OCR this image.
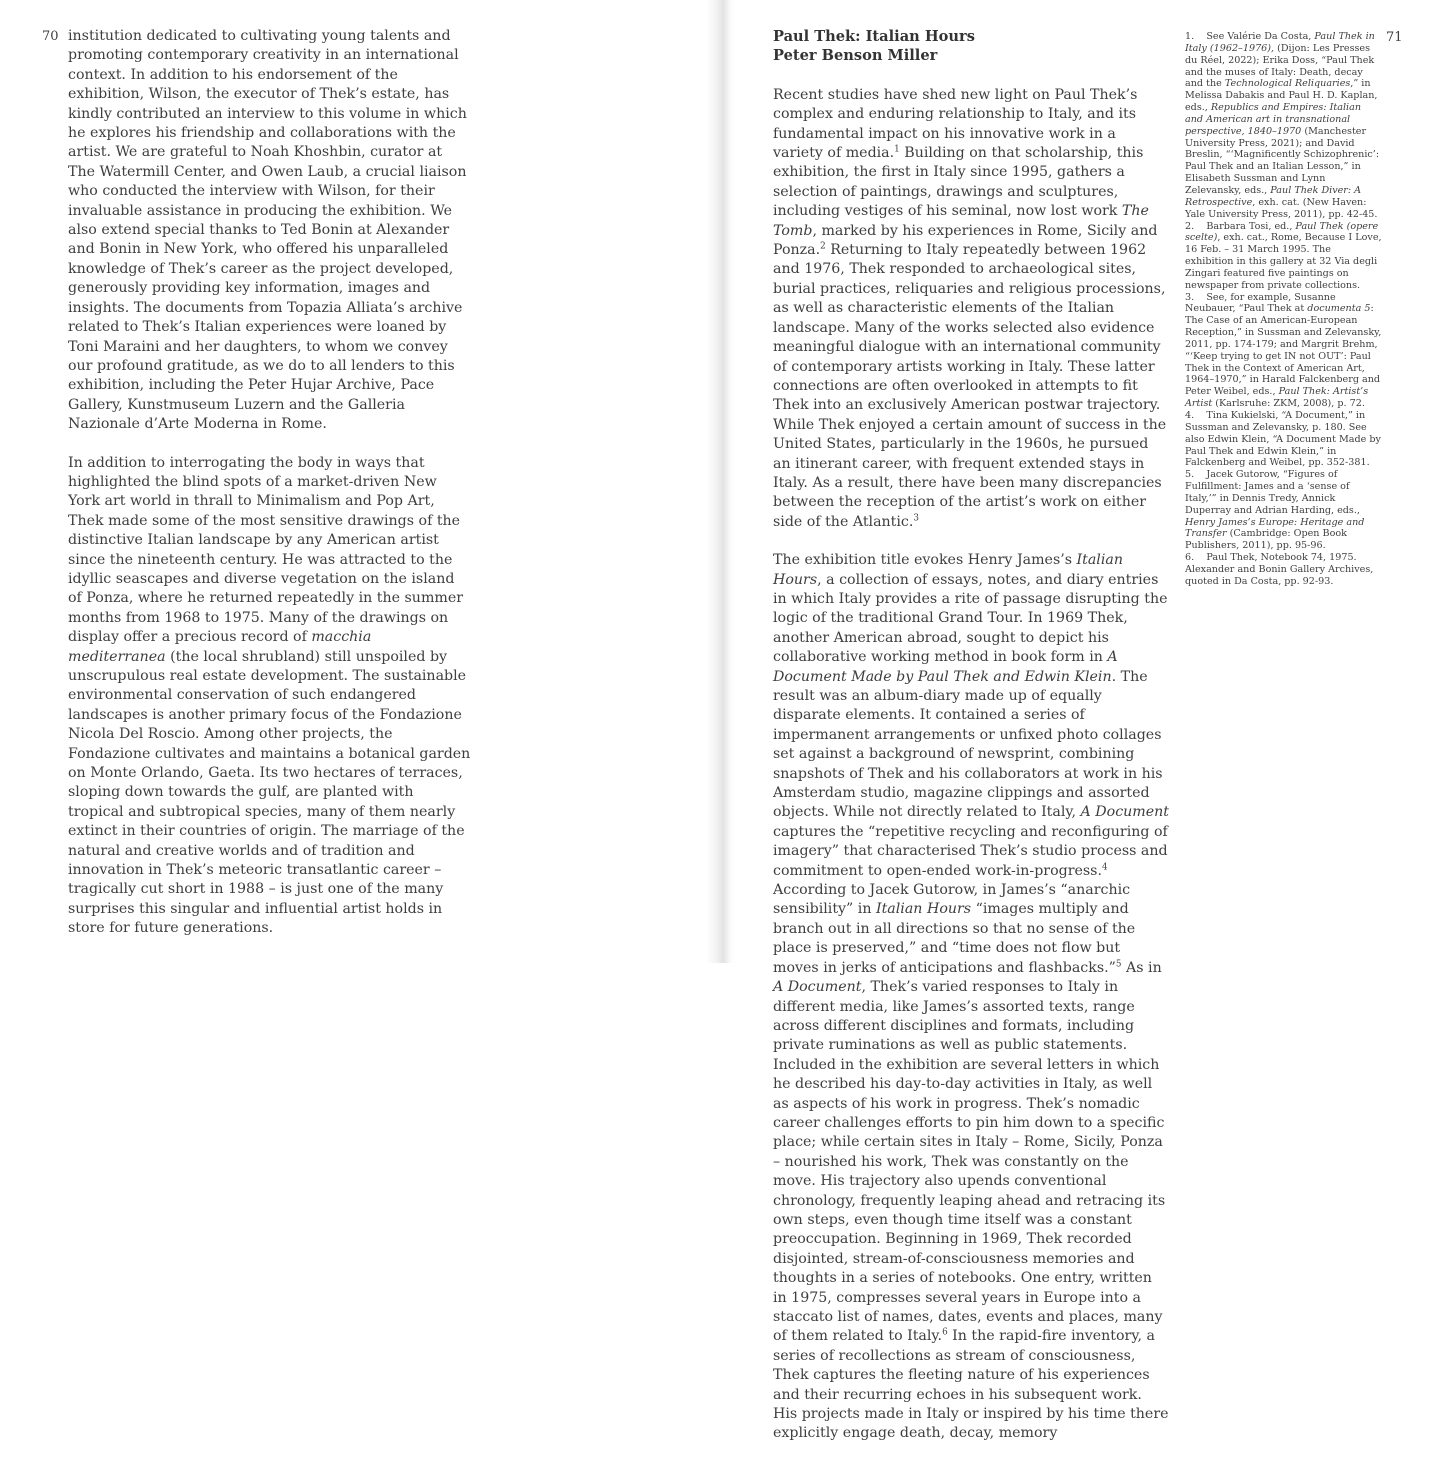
70 institution dedicated to cultivating young talents and promoting contemporary creativity in an international context. In addition to his endorsement of the exhibition, Wilson, the executor of Thek’s estate, has kindly contributed an interview to this volume in which he explores his friendship and collaborations with the artist. We are grateful to Noah Khoshbin, curator at The Watermill Center, and Owen Laub, a crucial liaison who conducted the interview with Wilson, for their invaluable assistance in producing the exhibition. We also extend special thanks to Ted Bonin at Alexander and Bonin in New York, who offered his unparalleled knowledge of Thek’s career as the project developed, generously providing key information, images and insights. The documents from Topazia Alliata’s archive related to Thek’s Italian experiences were loaned by Toni Maraini and her daughters, to whom we convey our profound gratitude, as we do to all lenders to this exhibition, including the Peter Hujar Archive, Pace Gallery, Kunstmuseum Luzern and the Galleria Nazionale d’Arte Moderna in Rome.

In addition to interrogating the body in ways that highlighted the blind spots of a market-driven New York art world in thrall to Minimalism and Pop Art, Thek made some of the most sensitive drawings of the distinctive Italian landscape by any American artist since the nineteenth century. He was attracted to the idyllic seascapes and diverse vegetation on the island of Ponza, where he returned repeatedly in the summer months from 1968 to 1975. Many of the drawings on display offer a precious record of macchia mediterranea (the local shrubland) still unspoiled by unscrupulous real estate development. The sustainable environmental conservation of such endangered landscapes is another primary focus of the Fondazione Nicola Del Roscio. Among other projects, the Fondazione cultivates and maintains a botanical garden on Monte Orlando, Gaeta. Its two hectares of terraces, sloping down towards the gulf, are planted with tropical and subtropical species, many of them nearly extinct in their countries of origin. The marriage of the natural and creative worlds and of tradition and innovation in Thek’s meteoric transatlantic career – tragically cut short in 1988 – is just one of the many surprises this singular and influential artist holds in store for future generations.

Paul Thek: Italian Hours
Peter Benson Miller

Recent studies have shed new light on Paul Thek’s complex and enduring relationship to Italy, and its fundamental impact on his innovative work in a variety of media.$^1$ Building on that scholarship, this exhibition, the first in Italy since 1995, gathers a selection of paintings, drawings and sculptures, including vestiges of his seminal, now lost work The Tomb, marked by his experiences in Rome, Sicily and Ponza.$^2$ Returning to Italy repeatedly between 1962 and 1976, Thek responded to archaeological sites, burial practices, reliquaries and religious processions, as well as characteristic elements of the Italian landscape. Many of the works selected also evidence meaningful dialogue with an international community of contemporary artists working in Italy. These latter connections are often overlooked in attempts to fit Thek into an exclusively American postwar trajectory. While Thek enjoyed a certain amount of success in the United States, particularly in the 1960s, he pursued an itinerant career, with frequent extended stays in Italy. As a result, there have been many discrepancies between the reception of the artist’s work on either side of the Atlantic.$^3$

The exhibition title evokes Henry James’s Italian Hours, a collection of essays, notes, and diary entries in which Italy provides a rite of passage disrupting the logic of the traditional Grand Tour. In 1969 Thek, another American abroad, sought to depict his collaborative working method in book form in A Document Made by Paul Thek and Edwin Klein. The result was an album-diary made up of equally disparate elements. It contained a series of impermanent arrangements or unfixed photo collages set against a background of newsprint, combining snapshots of Thek and his collaborators at work in his Amsterdam studio, magazine clippings and assorted objects. While not directly related to Italy, A Document captures the “repetitive recycling and reconfiguring of imagery” that characterised Thek’s studio process and commitment to open-ended work-in-progress.$^4$ According to Jacek Gutorow, in James’s “anarchic sensibility” in Italian Hours “images multiply and branch out in all directions so that no sense of the place is preserved,” and “time does not flow but moves in jerks of anticipations and flashbacks.”$^5$ As in A Document, Thek’s varied responses to Italy in different media, like James’s assorted texts, range across different disciplines and formats, including private ruminations as well as public statements. Included in the exhibition are several letters in which he described his day-to-day activities in Italy, as well as aspects of his work in progress. Thek’s nomadic career challenges efforts to pin him down to a specific place; while certain sites in Italy – Rome, Sicily, Ponza – nourished his work, Thek was constantly on the move. His trajectory also upends conventional chronology, frequently leaping ahead and retracing its own steps, even though time itself was a constant preoccupation. Beginning in 1969, Thek recorded disjointed, stream-of-consciousness memories and thoughts in a series of notebooks. One entry, written in 1975, compresses several years in Europe into a staccato list of names, dates, events and places, many of them related to Italy.$^6$ In the rapid-fire inventory, a series of recollections as stream of consciousness, Thek captures the fleeting nature of his experiences and their recurring echoes in his subsequent work. His projects made in Italy or inspired by his time there explicitly engage death, decay, memory

1.    See Valérie Da Costa, Paul Thek in Italy (1962–1976), (Dijon: Les Presses du Réel, 2022); Erika Doss, “Paul Thek and the muses of Italy: Death, decay and the Technological Reliquaries,” in Melissa Dabakis and Paul H. D. Kaplan, eds., Republics and Empires: Italian and American art in transnational perspective, 1840–1970 (Manchester University Press, 2021); and David Breslin, “‘Magnificently Schizophrenic’: Paul Thek and an Italian Lesson,” in Elisabeth Sussman and Lynn Zelevansky, eds., Paul Thek Diver: A Retrospective, exh. cat. (New Haven: Yale University Press, 2011), pp. 42-45.

2.    Barbara Tosi, ed., Paul Thek (opere scelte), exh. cat., Rome, Because I Love, 16 Feb. – 31 March 1995. The exhibition in this gallery at 32 Via degli Zingari featured five paintings on newspaper from private collections.

3.    See, for example, Susanne Neubauer, “Paul Thek at documenta 5: The Case of an American-European Reception,” in Sussman and Zelevansky, 2011, pp. 174-179; and Margrit Brehm, “‘Keep trying to get IN not OUT’: Paul Thek in the Context of American Art, 1964–1970,” in Harald Falckenberg and Peter Weibel, eds., Paul Thek: Artist’s Artist (Karlsruhe: ZKM, 2008), p. 72.

4.    Tina Kukielski, “A Document,” in Sussman and Zelevansky, p. 180. See also Edwin Klein, “A Document Made by Paul Thek and Edwin Klein,” in Falckenberg and Weibel, pp. 352-381.

5.    Jacek Gutorow, “Figures of Fulfillment: James and a ‘sense of Italy,’” in Dennis Tredy, Annick Duperray and Adrian Harding, eds., Henry James’s Europe: Heritage and Transfer (Cambridge: Open Book Publishers, 2011), pp. 95-96.

6.    Paul Thek, Notebook 74, 1975. Alexander and Bonin Gallery Archives, quoted in Da Costa, pp. 92-93.

71
